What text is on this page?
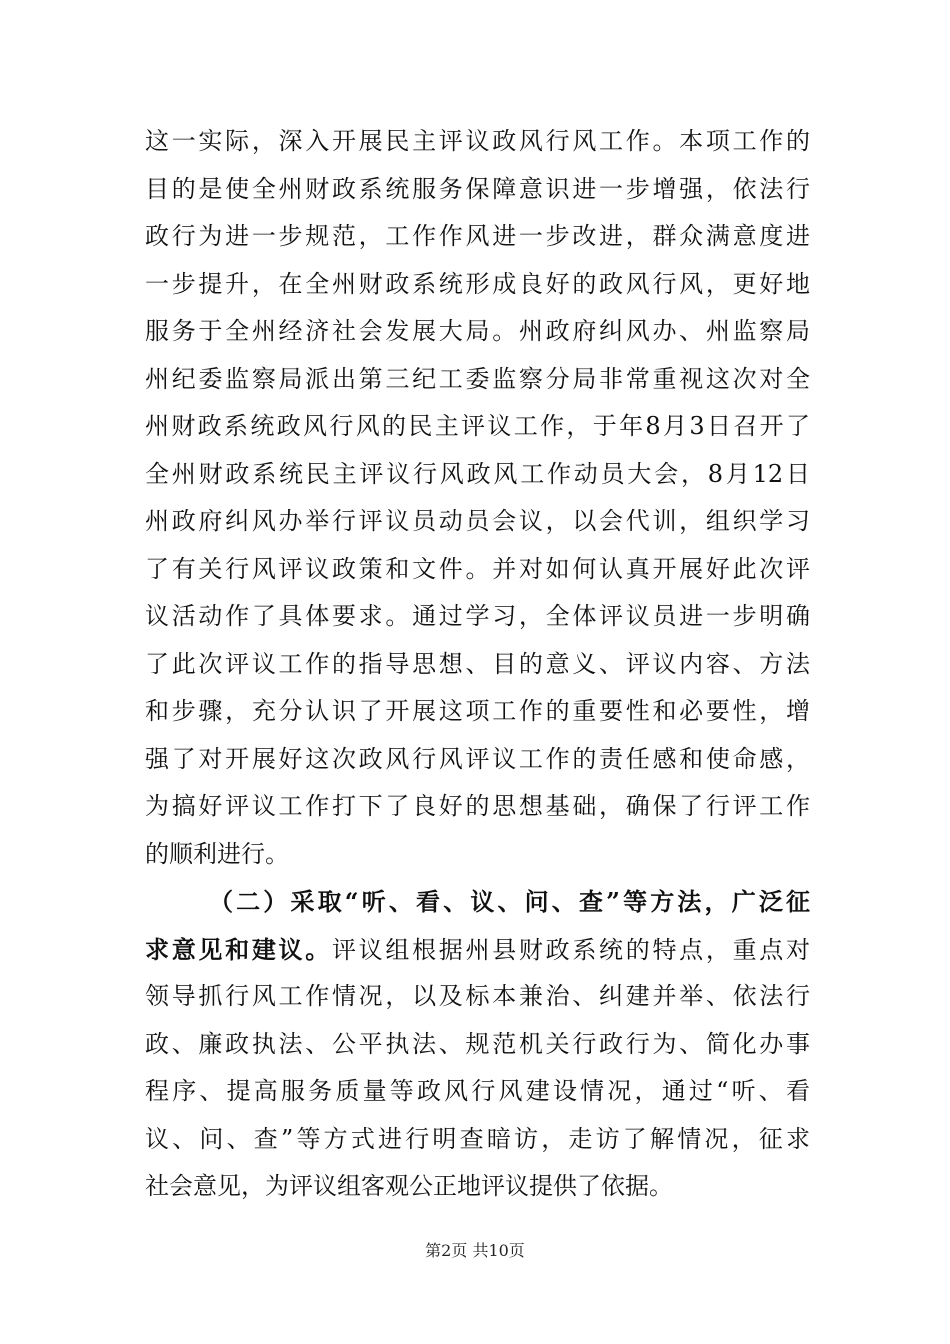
这一实际，深入开展民主评议政风行风工作。本项工作的
目的是使全州财政系统服务保障意识进一步增强，依法行
政行为进一步规范，工作作风进一步改进，群众满意度进
一步提升，在全州财政系统形成良好的政风行风，更好地
服务于全州经济社会发展大局。州政府纠风办、州监察局
州纪委监察局派出第三纪工委监察分局非常重视这次对全
州财政系统政风行风的民主评议工作，于年8月3日召开了
全州财政系统民主评议行风政风工作动员大会，8月12日
州政府纠风办举行评议员动员会议，以会代训，组织学习
了有关行风评议政策和文件。并对如何认真开展好此次评
议活动作了具体要求。通过学习，全体评议员进一步明确
了此次评议工作的指导思想、目的意义、评议内容、方法
和步骤，充分认识了开展这项工作的重要性和必要性，增
强了对开展好这次政风行风评议工作的责任感和使命感，
为搞好评议工作打下了良好的思想基础，确保了行评工作
的顺利进行。
（二）采取“听、看、议、问、查”等方法，广泛征
求意见和建议。评议组根据州县财政系统的特点，重点对
领导抓行风工作情况，以及标本兼治、纠建并举、依法行
政、廉政执法、公平执法、规范机关行政行为、简化办事
程序、提高服务质量等政风行风建设情况，通过“听、看
议、问、查”等方式进行明查暗访，走访了解情况，征求
社会意见，为评议组客观公正地评议提供了依据。
第2页 共10页
